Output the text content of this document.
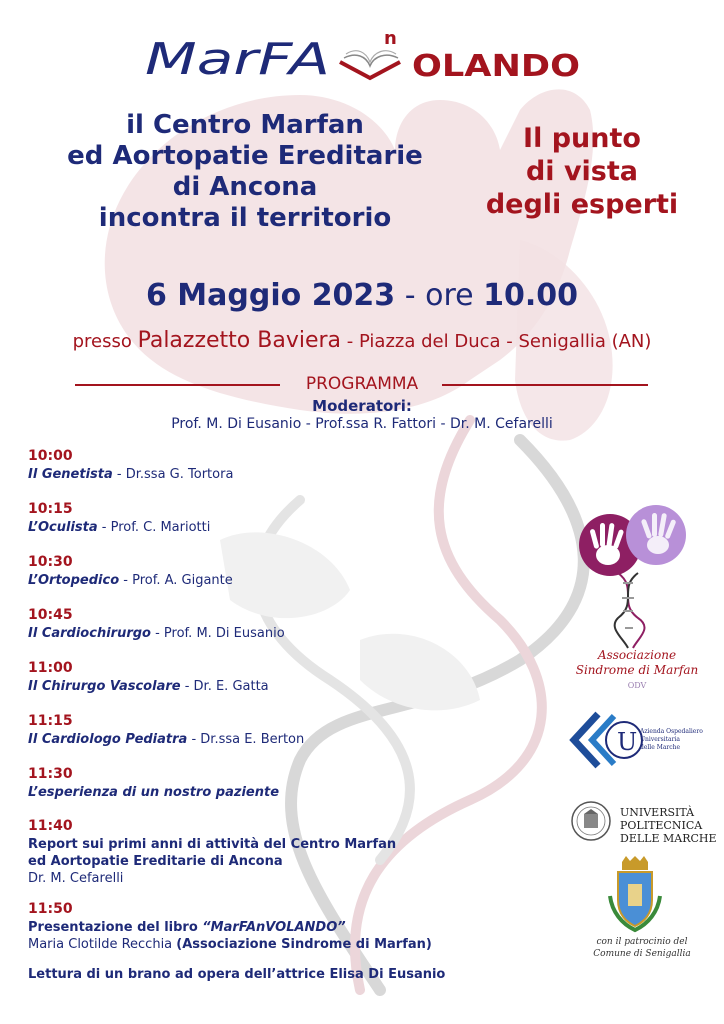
MarFA	n
OLANDO
il Centro Marfan
ed Aortopatie Ereditarie
di Ancona
incontra il territorio
Il punto
di vista
degli esperti
6 Maggio 2023 - ore 10.00
presso Palazzetto Baviera - Piazza del Duca - Senigallia (AN)
PROGRAMMA
Moderatori:
Prof. M. Di Eusanio - Prof.ssa R. Fattori - Dr. M. Cefarelli
10:00
Il Genetista - Dr.ssa G. Tortora
10:15
L’Oculista - Prof. C. Mariotti
10:30
L’Ortopedico - Prof. A. Gigante
10:45
Il Cardiochirurgo - Prof. M. Di Eusanio
11:00
Il Chirurgo Vascolare - Dr. E. Gatta
11:15
Il Cardiologo Pediatra - Dr.ssa E. Berton
11:30
L’esperienza di un nostro paziente
11:40
Report sui primi anni di attività del Centro Marfan
ed Aortopatie Ereditarie di Ancona
Dr. M. Cefarelli
11:50
Presentazione del libro “MarFAnVOLANDO”
Maria Clotilde Recchia (Associazione Sindrome di Marfan)
Lettura di un brano ad opera dell’attrice Elisa Di Eusanio
Associazione
Sindrome di Marfan
ODV
U Azienda Ospedaliero Universitaria
delle Marche
UNIVERSITÀ
POLITECNICA
DELLE MARCHE
con il patrocinio del
Comune di Senigallia
